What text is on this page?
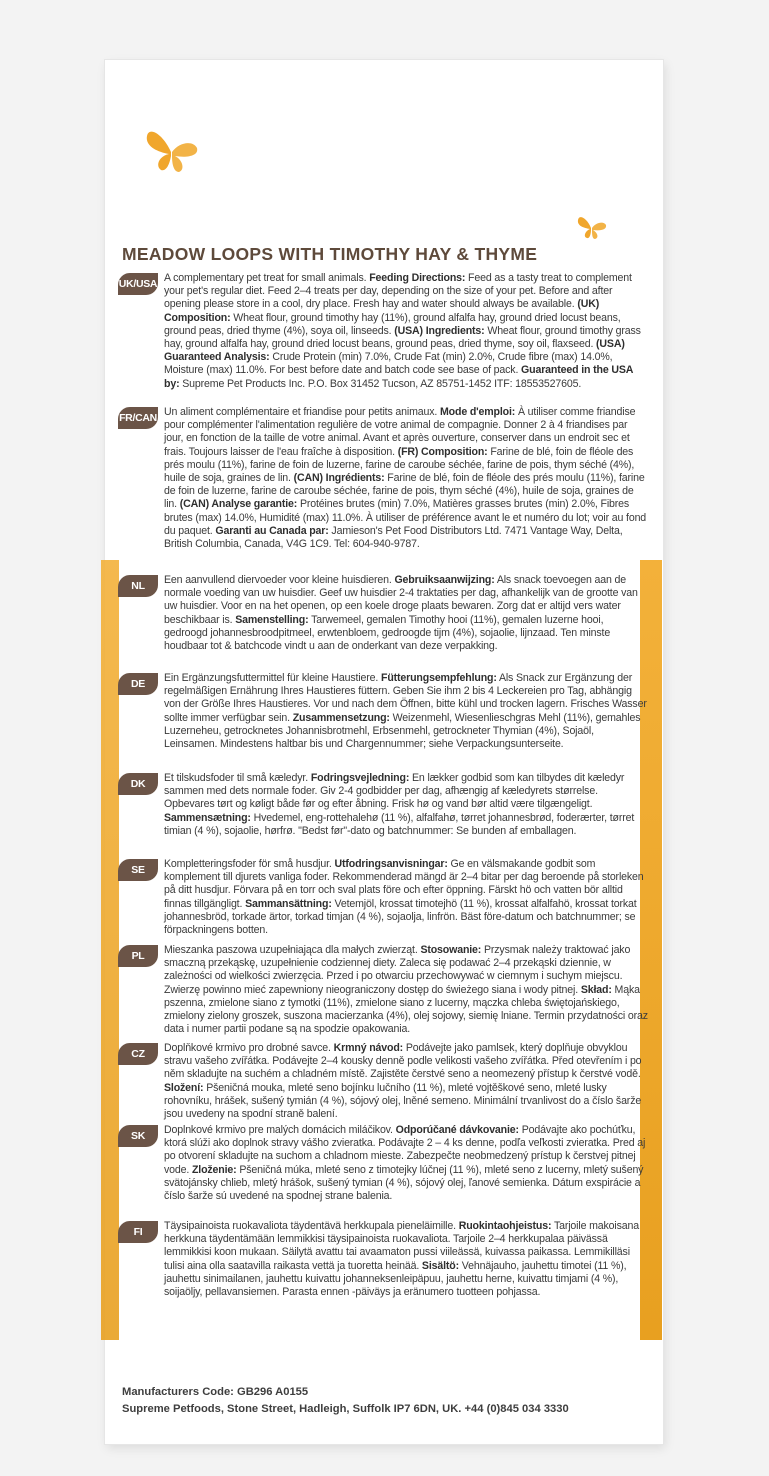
MEADOW LOOPS WITH TIMOTHY HAY & THYME
UK/USA A complementary pet treat for small animals. Feeding Directions: Feed as a tasty treat to complement your pet's regular diet. Feed 2–4 treats per day, depending on the size of your pet. Before and after opening please store in a cool, dry place. Fresh hay and water should always be available. (UK) Composition: Wheat flour, ground timothy hay (11%), ground alfalfa hay, ground dried locust beans, ground peas, dried thyme (4%), soya oil, linseeds. (USA) Ingredients: Wheat flour, ground timothy grass hay, ground alfalfa hay, ground dried locust beans, ground peas, dried thyme, soy oil, flaxseed. (USA) Guaranteed Analysis: Crude Protein (min) 7.0%, Crude Fat (min) 2.0%, Crude fibre (max) 14.0%, Moisture (max) 11.0%. For best before date and batch code see base of pack. Guaranteed in the USA by: Supreme Pet Products Inc. P.O. Box 31452 Tucson, AZ 85751-1452 ITF: 18553527605.

FR/CAN Un aliment complémentaire et friandise pour petits animaux. Mode d'emploi: À utiliser comme friandise pour complémenter l'alimentation regulière de votre animal de compagnie. Donner 2 à 4 friandises par jour, en fonction de la taille de votre animal. Avant et après ouverture, conserver dans un endroit sec et frais. Toujours laisser de l'eau fraîche à disposition. (FR) Composition: Farine de blé, foin de fléole des prés moulu (11%), farine de foin de luzerne, farine de caroube séchée, farine de pois, thym séché (4%), huile de soja, graines de lin. (CAN) Ingrédients: Farine de blé, foin de fléole des prés moulu (11%), farine de foin de luzerne, farine de caroube séchée, farine de pois, thym séché (4%), huile de soja, graines de lin. (CAN) Analyse garantie: Protéines brutes (min) 7.0%, Matières grasses brutes (min) 2.0%, Fibres brutes (max) 14.0%, Humidité (max) 11.0%. À utiliser de préférence avant le et numéro du lot; voir au fond du paquet. Garanti au Canada par: Jamieson's Pet Food Distributors Ltd. 7471 Vantage Way, Delta, British Columbia, Canada, V4G 1C9. Tel: 604-940-9787.

NL	Een aanvullend diervoeder voor kleine huisdieren. Gebruiksaanwijzing: Als snack toevoegen aan de normale voeding van uw huisdier. Geef uw huisdier 2-4 traktaties per dag, afhankelijk van de grootte van uw huisdier. Voor en na het openen, op een koele droge plaats bewaren. Zorg dat er altijd vers water beschikbaar is. Samenstelling: Tarwemeel, gemalen Timothy hooi (11%), gemalen luzerne hooi, gedroogd johannesbroodpitmeel, erwtenbloem, gedroogde tijm (4%), sojaolie, lijnzaad. Ten minste houdbaar tot & batchcode vindt u aan de onderkant van deze verpakking.

DE	Ein Ergänzungsfuttermittel für kleine Haustiere. Fütterungsempfehlung: Als Snack zur Ergänzung der regelmäßigen Ernährung Ihres Haustieres füttern. Geben Sie ihm 2 bis 4 Leckereien pro Tag, abhängig von der Größe Ihres Haustieres. Vor und nach dem Öffnen, bitte kühl und trocken lagern. Frisches Wasser sollte immer verfügbar sein. Zusammensetzung: Weizenmehl, Wiesenlieschgras Mehl (11%), gemahles Luzerneheu, getrocknetes Johannisbrotmehl, Erbsenmehl, getrockneter Thymian (4%), Sojaöl, Leinsamen. Mindestens haltbar bis und Chargennummer; siehe Verpackungsunterseite.

DK	Et tilskudsfoder til små kæledyr. Fodringsvejledning: En lækker godbid som kan tilbydes dit kæledyr sammen med dets normale foder. Giv 2-4 godbidder per dag, afhængig af kæledyrets størrelse. Opbevares tørt og køligt både før og efter åbning. Frisk hø og vand bør altid være tilgængeligt. Sammensætning: Hvedemel, eng-rottehalehø (11 %), alfalfahø, tørret johannesbrød, foderærter, tørret timian (4 %), sojaolie, hørfrø. "Bedst før"-dato og batchnummer: Se bunden af emballagen.

SE	Kompletteringsfoder för små husdjur. Utfodringsanvisningar: Ge en välsmakande godbit som komplement till djurets vanliga foder. Rekommenderad mängd är 2–4 bitar per dag beroende på storleken på ditt husdjur. Förvara på en torr och sval plats före och efter öppning. Färskt hö och vatten bör alltid finnas tillgängligt. Sammansättning: Vetemjöl, krossat timotejhö (11 %), krossat alfalfahö, krossat torkat johannesbröd, torkade ärtor, torkad timjan (4 %), sojaolja, linfrön. Bäst före-datum och batchnummer; se förpackningens botten.

PL	Mieszanka paszowa uzupełniająca dla małych zwierząt. Stosowanie: Przysmak należy traktować jako smaczną przekąskę, uzupełnienie codziennej diety. Zaleca się podawać 2–4 przekąski dziennie, w zależności od wielkości zwierzęcia. Przed i po otwarciu przechowywać w ciemnym i suchym miejscu. Zwierzę powinno mieć zapewniony nieograniczony dostęp do świeżego siana i wody pitnej. Skład: Mąka pszenna, zmielone siano z tymotki (11%), zmielone siano z lucerny, mączka chleba świętojańskiego, zmielony zielony groszek, suszona macierzanka (4%), olej sojowy, siemię lniane. Termin przydatności oraz data i numer partii podane są na spodzie opakowania.

CZ	Doplňkové krmivo pro drobné savce. Krmný návod: Podávejte jako pamlsek, který doplňuje obvyklou stravu vašeho zvířátka. Podávejte 2–4 kousky denně podle velikosti vašeho zvířátka. Před otevřením i po něm skladujte na suchém a chladném místě. Zajistěte čerstvé seno a neomezený přístup k čerstvé vodě. Složení: Pšeničná mouka, mleté seno bojínku lučního (11 %), mleté vojtěškové seno, mleté lusky rohovníku, hrášek, sušený tymián (4 %), sójový olej, lněné semeno. Minimální trvanlivost do a číslo šarže jsou uvedeny na spodní straně balení.

SK	Doplnkové krmivo pre malých domácich miláčikov. Odporúčané dávkovanie: Podávajte ako pochúťku, ktorá slúži ako doplnok stravy vášho zvieratka. Podávajte 2 – 4 ks denne, podľa veľkosti zvieratka. Pred aj po otvorení skladujte na suchom a chladnom mieste. Zabezpečte neobmedzený prístup k čerstvej pitnej vode. Zloženie: Pšeničná múka, mleté seno z timotejky lúčnej (11 %), mleté seno z lucerny, mletý sušený svätojánsky chlieb, mletý hrášok, sušený tymian (4 %), sójový olej, ľanové semienka. Dátum exspirácie a číslo šarže sú uvedené na spodnej strane balenia.

FI	Täysipainoista ruokavaliota täydentävä herkkupala pieneläimille. Ruokintaohjeistus: Tarjoile makoisana herkkuna täydentämään lemmikkisi täysipainoista ruokavaliota. Tarjoile 2–4 herkkupalaa päivässä lemmikkisi koon mukaan. Säilytä avattu tai avaamaton pussi viileässä, kuivassa paikassa. Lemmikilläsi tulisi aina olla saatavilla raikasta vettä ja tuoretta heinää. Sisältö: Vehnäjauho, jauhettu timotei (11 %), jauhettu sinimailanen, jauhettu kuivattu johanneksenleipäpuu, jauhettu herne, kuivattu timjami (4 %), soijaöljy, pellavansiemen. Parasta ennen -päiväys ja eränumero tuotteen pohjassa.

Manufacturers Code: GB296 A0155
Supreme Petfoods, Stone Street, Hadleigh, Suffolk IP7 6DN, UK. +44 (0)845 034 3330
